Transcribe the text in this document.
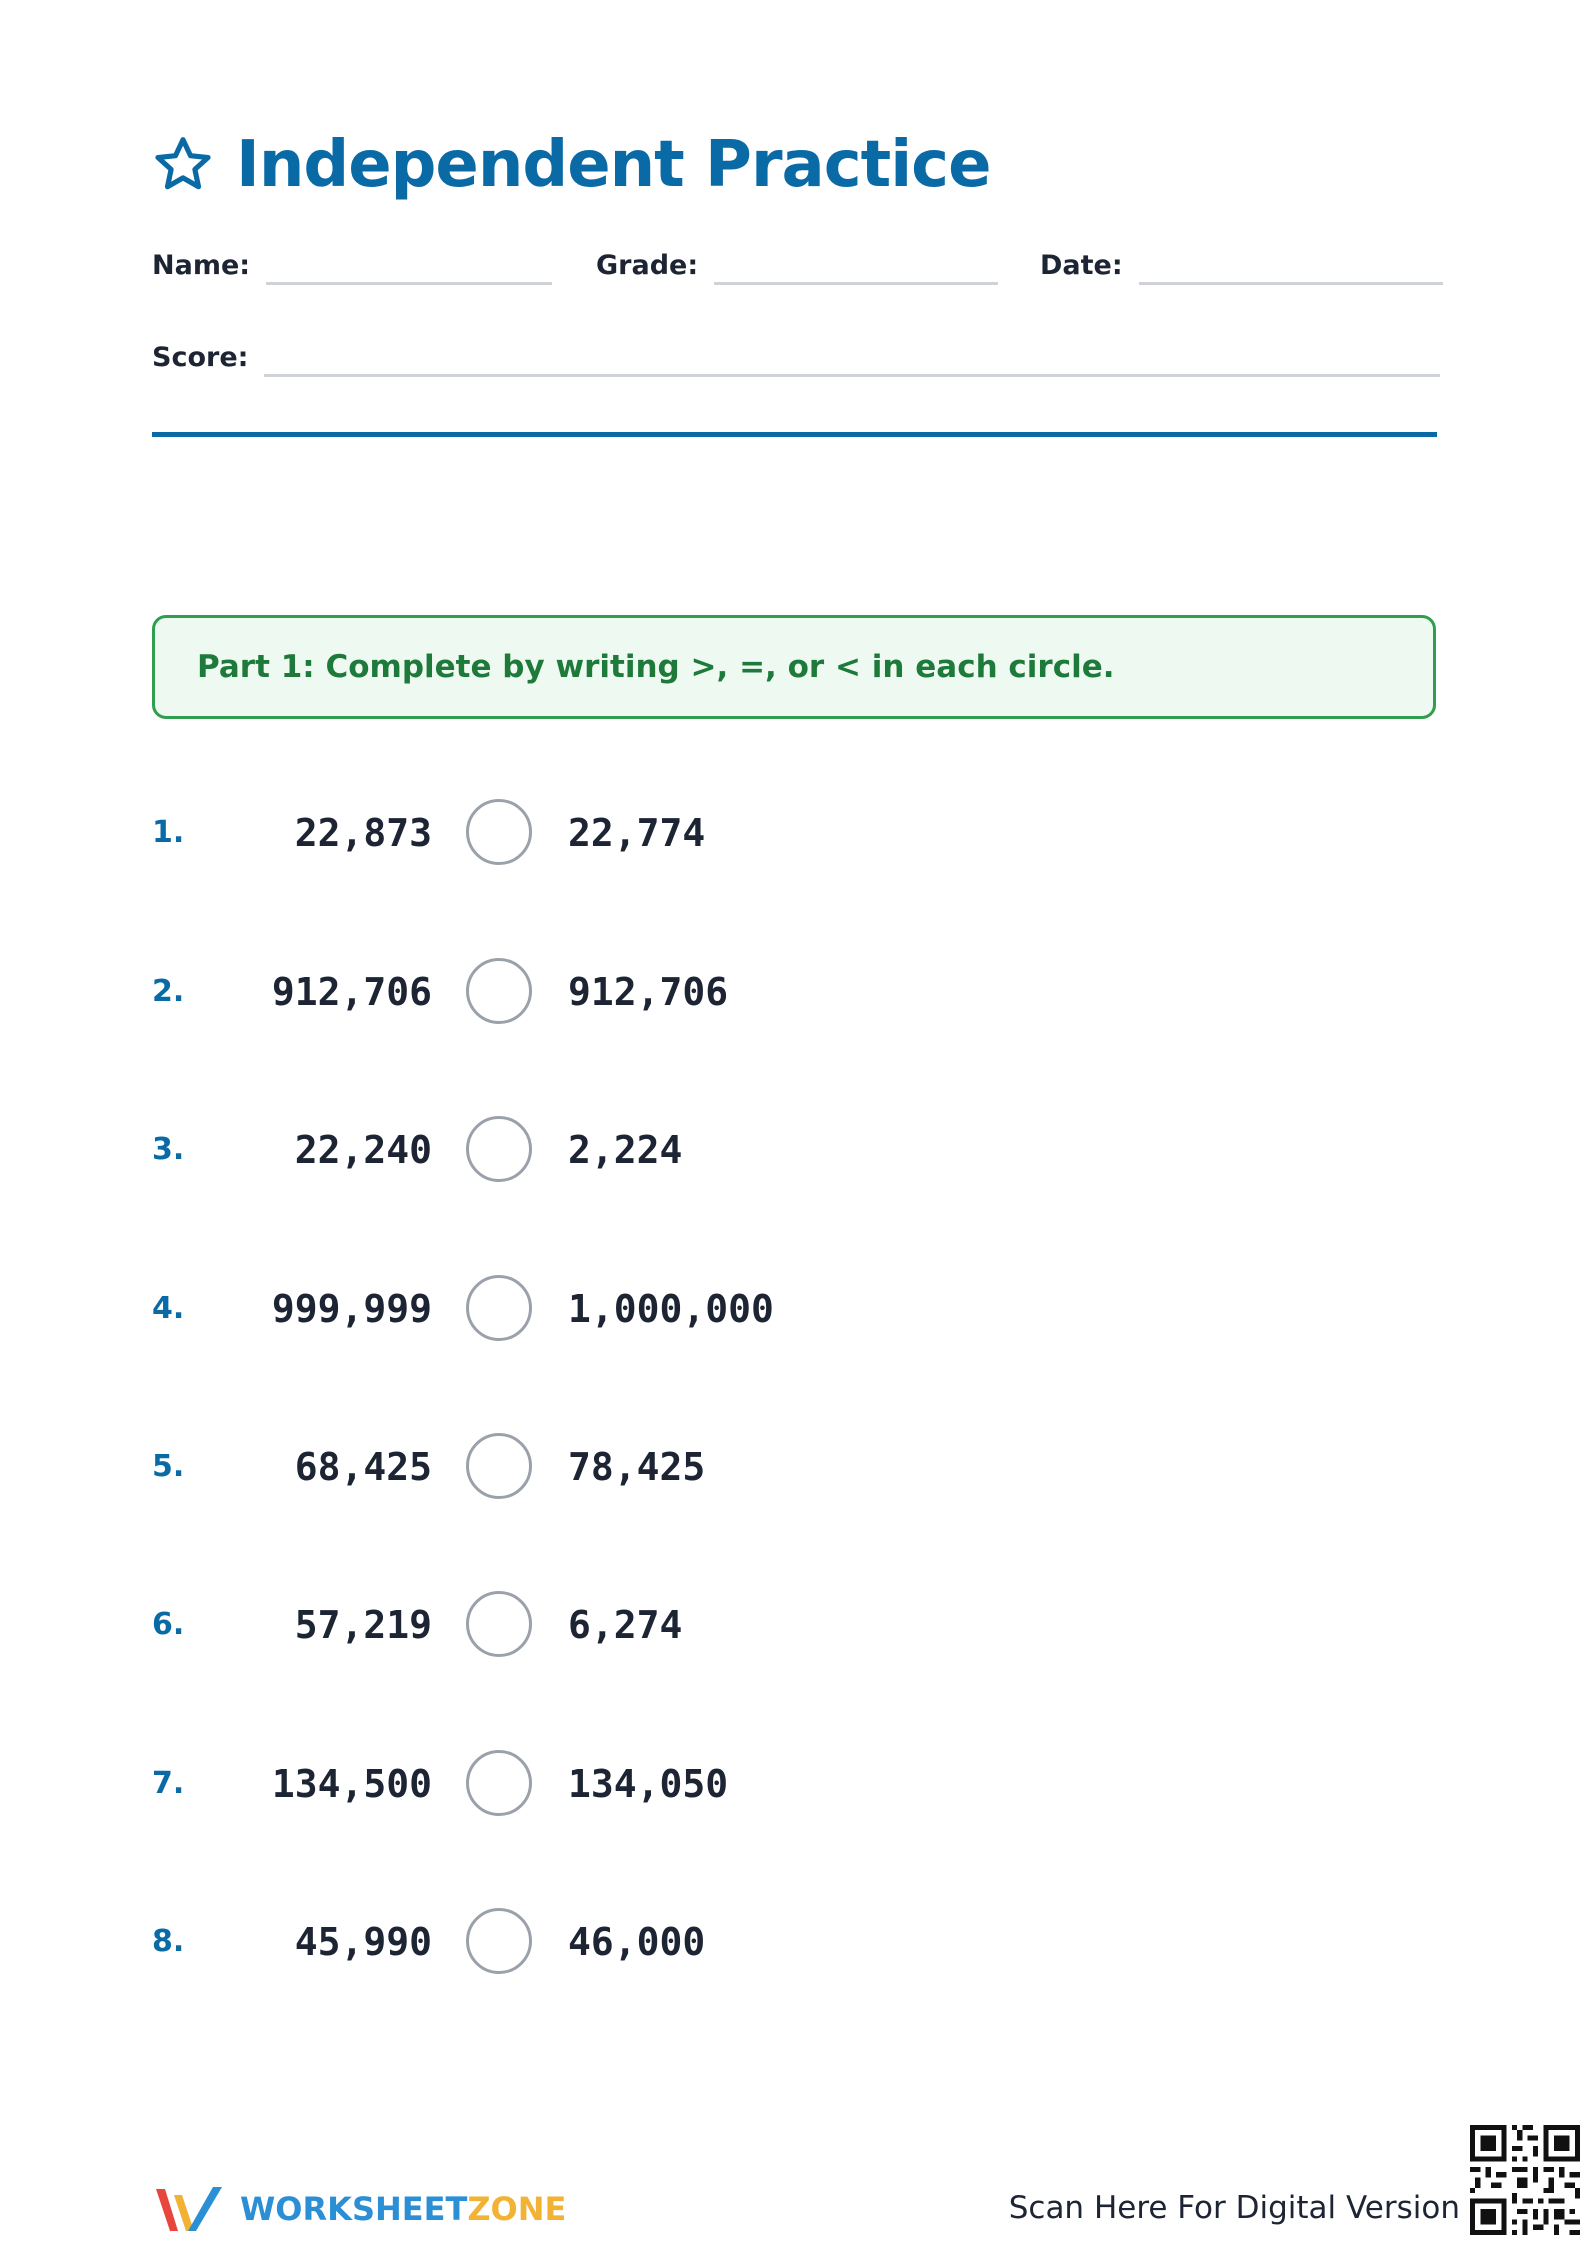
Independent Practice
Name:	Grade:	Date:
Score:
Part 1: Complete by writing >, =, or < in each circle.
1.	22,873	22,774
2.	912,706	912,706
3.	22,240	2,224
4.	999,999	1,000,000
5.	68,425	78,425
6.	57,219	6,274
7.	134,500	134,050
8.	45,990	46,000
WORKSHEETZONE	Scan Here For Digital Version
